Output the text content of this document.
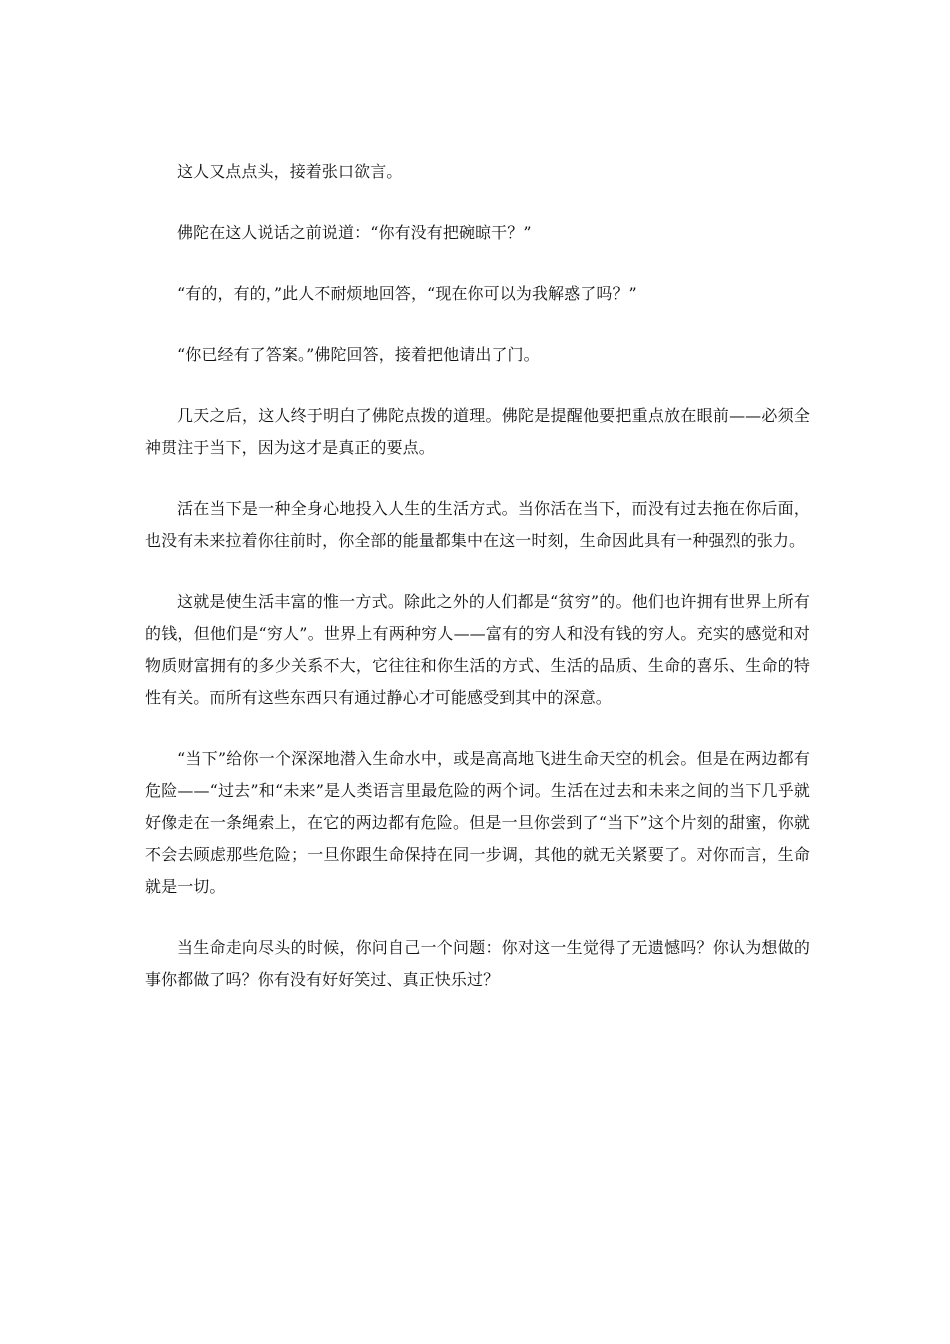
这人又点点头，接着张口欲言。

佛陀在这人说话之前说道：“你有没有把碗晾干？”

“有的，有的，”此人不耐烦地回答，“现在你可以为我解惑了吗？”

“你已经有了答案。”佛陀回答，接着把他请出了门。

几天之后，这人终于明白了佛陀点拨的道理。佛陀是提醒他要把重点放在眼前——必须全神贯注于当下，因为这才是真正的要点。

活在当下是一种全身心地投入人生的生活方式。当你活在当下，而没有过去拖在你后面，也没有未来拉着你往前时，你全部的能量都集中在这一时刻，生命因此具有一种强烈的张力。

这就是使生活丰富的惟一方式。除此之外的人们都是“贫穷”的。他们也许拥有世界上所有的钱，但他们是“穷人”。世界上有两种穷人——富有的穷人和没有钱的穷人。充实的感觉和对物质财富拥有的多少关系不大，它往往和你生活的方式、生活的品质、生命的喜乐、生命的特性有关。而所有这些东西只有通过静心才可能感受到其中的深意。

“当下”给你一个深深地潜入生命水中，或是高高地飞进生命天空的机会。但是在两边都有危险——“过去”和“未来”是人类语言里最危险的两个词。生活在过去和未来之间的当下几乎就好像走在一条绳索上，在它的两边都有危险。但是一旦你尝到了“当下”这个片刻的甜蜜，你就不会去顾虑那些危险；一旦你跟生命保持在同一步调，其他的就无关紧要了。对你而言，生命就是一切。

当生命走向尽头的时候，你问自己一个问题：你对这一生觉得了无遗憾吗？你认为想做的事你都做了吗？你有没有好好笑过、真正快乐过？
